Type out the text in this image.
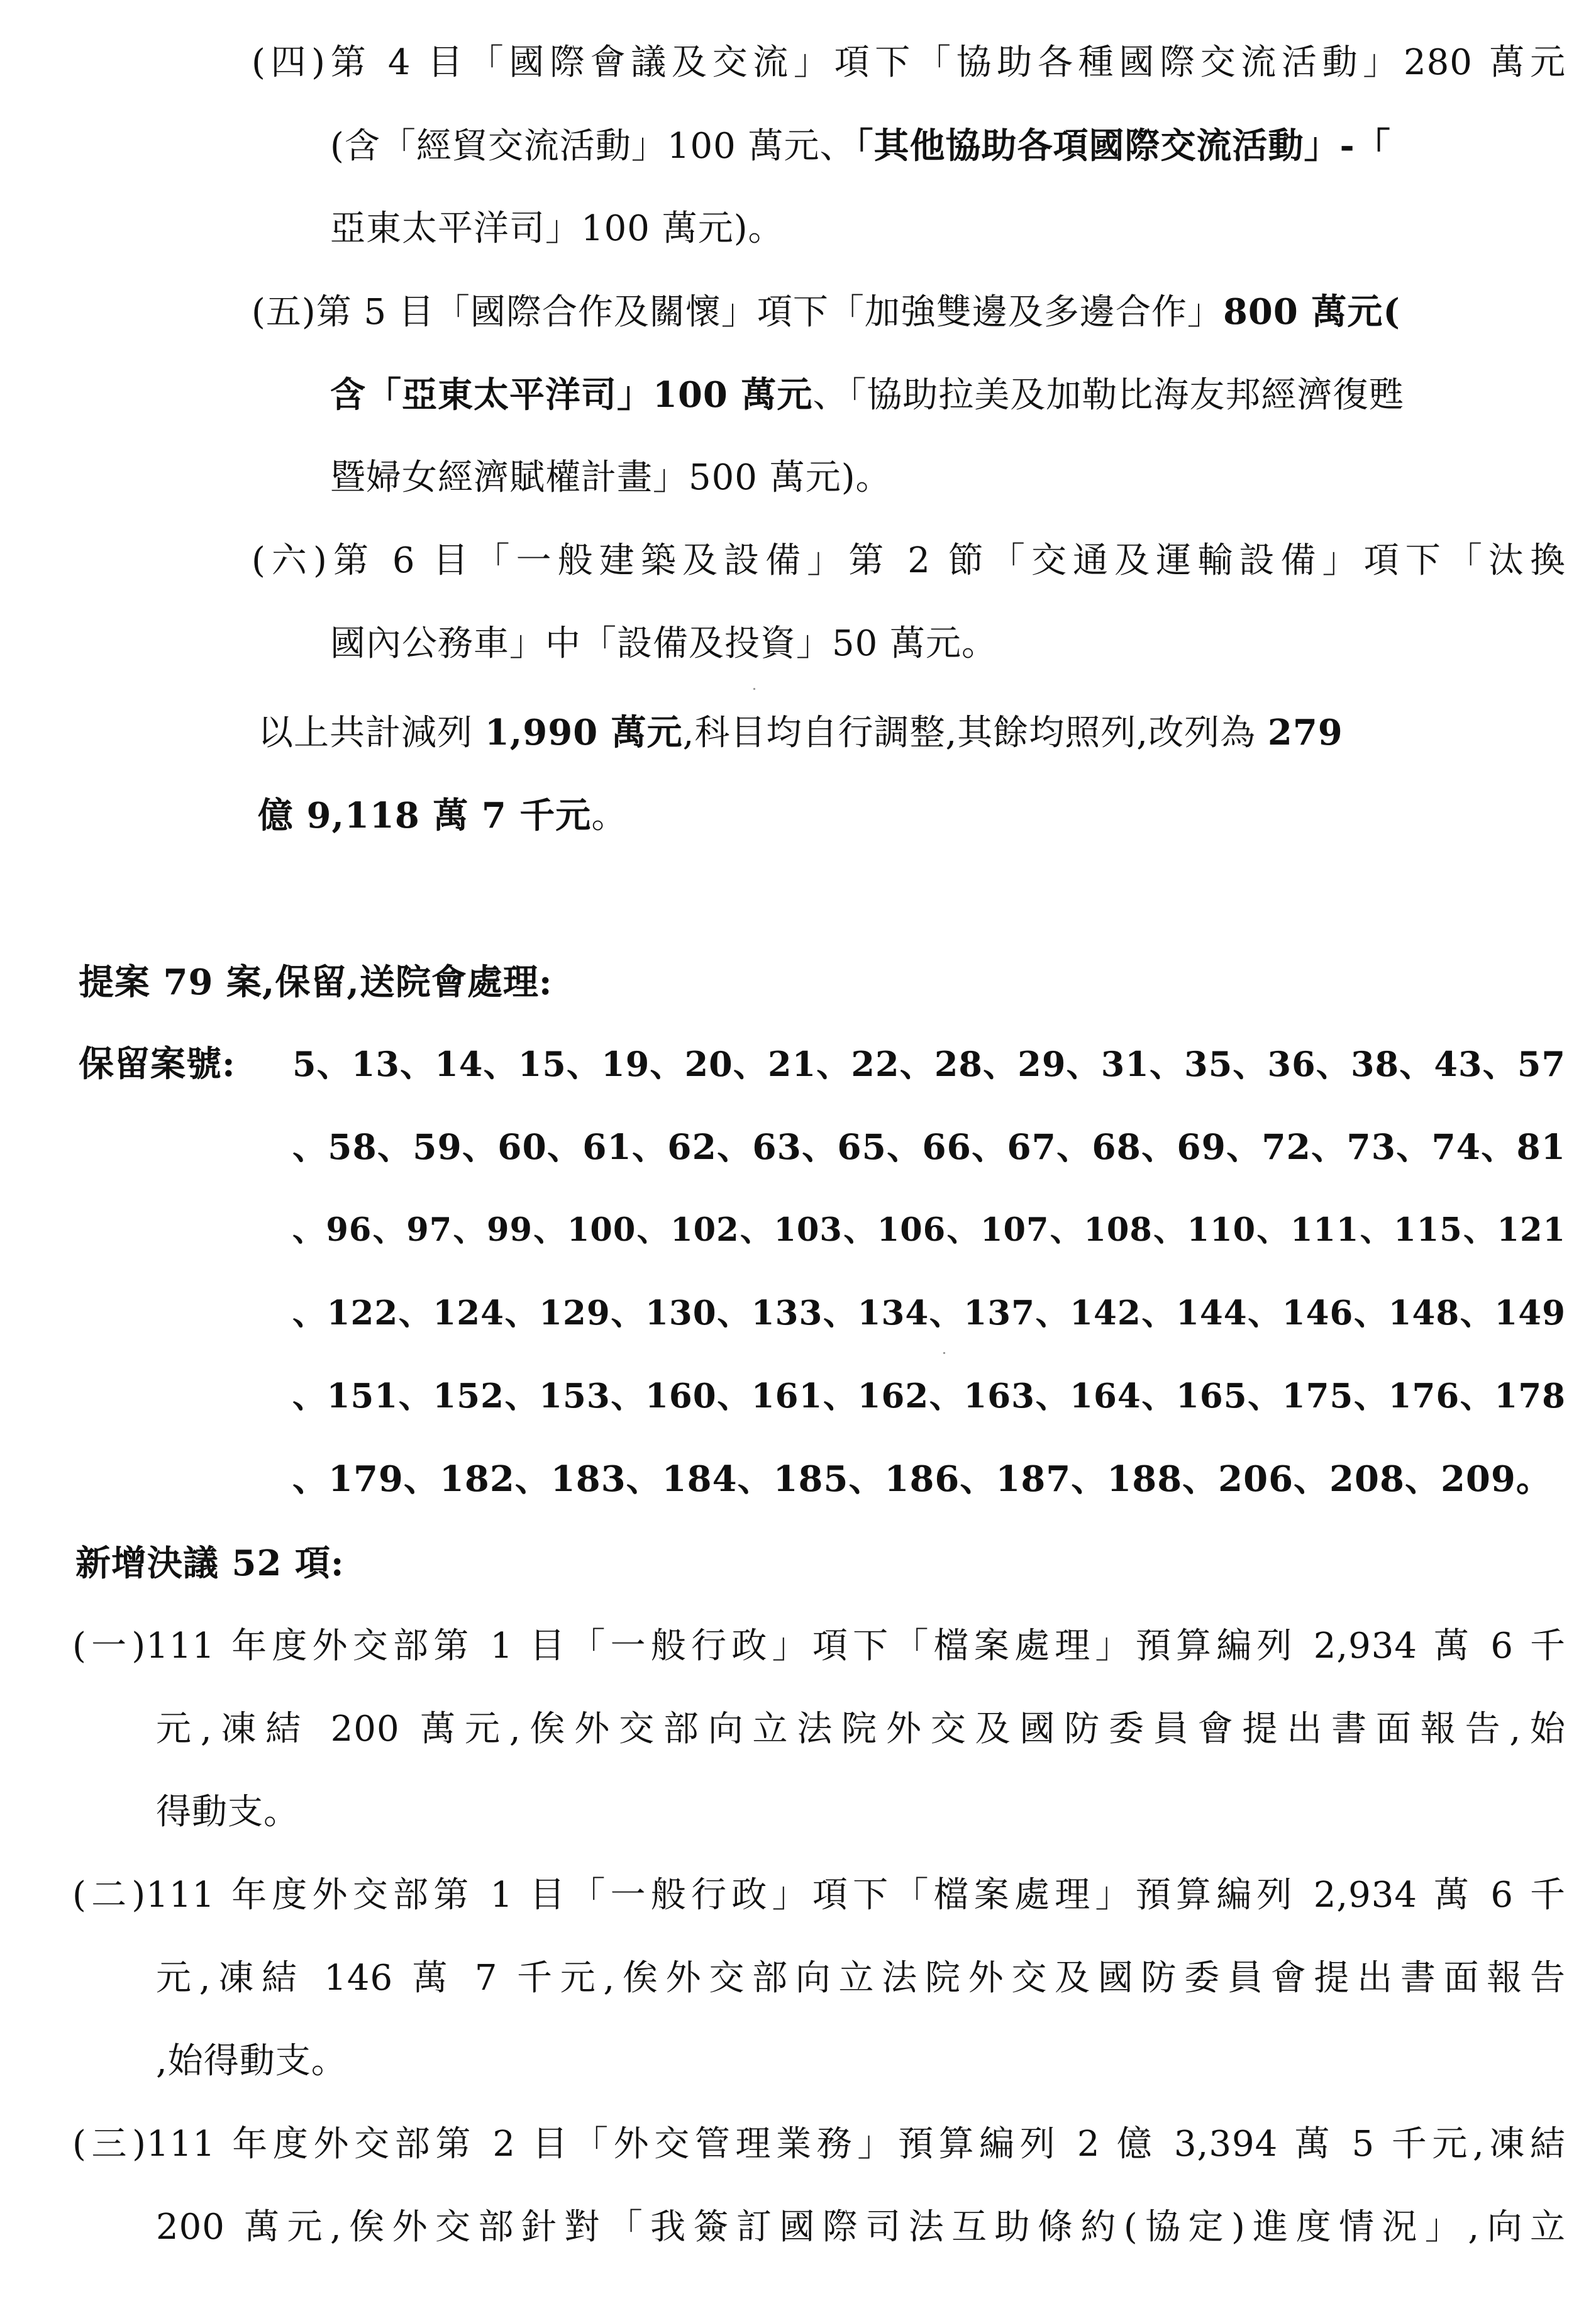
(四)第 4 目「國際會議及交流」項下「協助各種國際交流活動」280 萬元
(含「經貿交流活動」100 萬元、「其他協助各項國際交流活動」-「
亞東太平洋司」100 萬元)。
(五)第 5 目「國際合作及關懷」項下「加強雙邊及多邊合作」800 萬元(
含「亞東太平洋司」100 萬元、「協助拉美及加勒比海友邦經濟復甦
暨婦女經濟賦權計畫」500 萬元)。
(六)第 6 目「一般建築及設備」第 2 節「交通及運輸設備」項下「汰換
國內公務車」中「設備及投資」50 萬元。
以上共計減列 1,990 萬元,科目均自行調整,其餘均照列,改列為 279
億 9,118 萬 7 千元。
提案 79 案,保留,送院會處理:
保留案號:	5、13、14、15、19、20、21、22、28、29、31、35、36、38、43、57
、58、59、60、61、62、63、65、66、67、68、69、72、73、74、81
、96、97、99、100、102、103、106、107、108、110、111、115、121
、122、124、129、130、133、134、137、142、144、146、148、149
、151、152、153、160、161、162、163、164、165、175、176、178
、179、182、183、184、185、186、187、188、206、208、209。
新增決議 52 項:
(一)111 年度外交部第 1 目「一般行政」項下「檔案處理」預算編列 2,934 萬 6 千
元,凍結 200 萬元,俟外交部向立法院外交及國防委員會提出書面報告,始
得動支。
(二)111 年度外交部第 1 目「一般行政」項下「檔案處理」預算編列 2,934 萬 6 千
元,凍結 146 萬 7 千元,俟外交部向立法院外交及國防委員會提出書面報告
,始得動支。
(三)111 年度外交部第 2 目「外交管理業務」預算編列 2 億 3,394 萬 5 千元,凍結
200 萬元,俟外交部針對「我簽訂國際司法互助條約(協定)進度情況」,向立
